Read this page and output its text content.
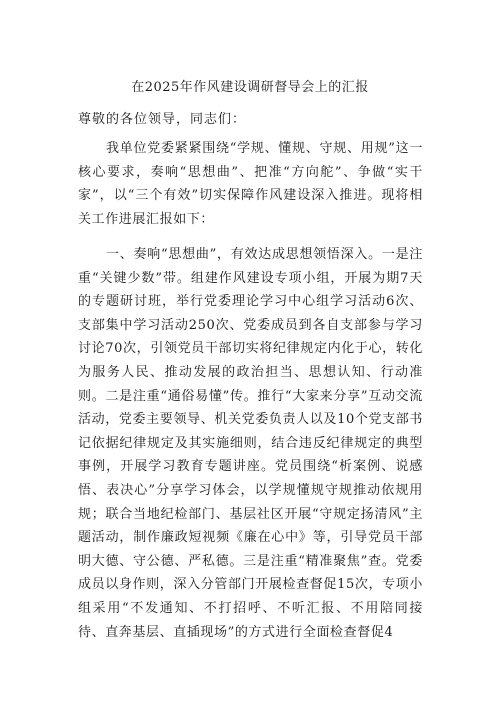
在2025年作风建设调研督导会上的汇报
尊敬的各位领导，同志们：

我单位党委紧紧围绕“学规、懂规、守规、用规”这一核心要求，奏响“思想曲”、把准“方向舵”、争做“实干家”，以“三个有效”切实保障作风建设深入推进。现将相关工作进展汇报如下：

一、奏响“思想曲”，有效达成思想领悟深入。一是注重“关键少数”带。组建作风建设专项小组，开展为期7天的专题研讨班，举行党委理论学习中心组学习活动6次、支部集中学习活动250次、党委成员到各自支部参与学习讨论70次，引领党员干部切实将纪律规定内化于心，转化为服务人民、推动发展的政治担当、思想认知、行动准则。二是注重“通俗易懂”传。推行“大家来分享”互动交流活动，党委主要领导、机关党委负责人以及10个党支部书记依据纪律规定及其实施细则，结合违反纪律规定的典型事例，开展学习教育专题讲座。党员围绕“析案例、说感悟、表决心”分享学习体会，以学规懂规守规推动依规用规；联合当地纪检部门、基层社区开展“守规定扬清风”主题活动，制作廉政短视频《廉在心中》等，引导党员干部明大德、守公德、严私德。三是注重“精准聚焦”查。党委成员以身作则，深入分管部门开展检查督促15次，专项小组采用“不发通知、不打招呼、不听汇报、不用陪同接待、直奔基层、直插现场”的方式进行全面检查督促4
